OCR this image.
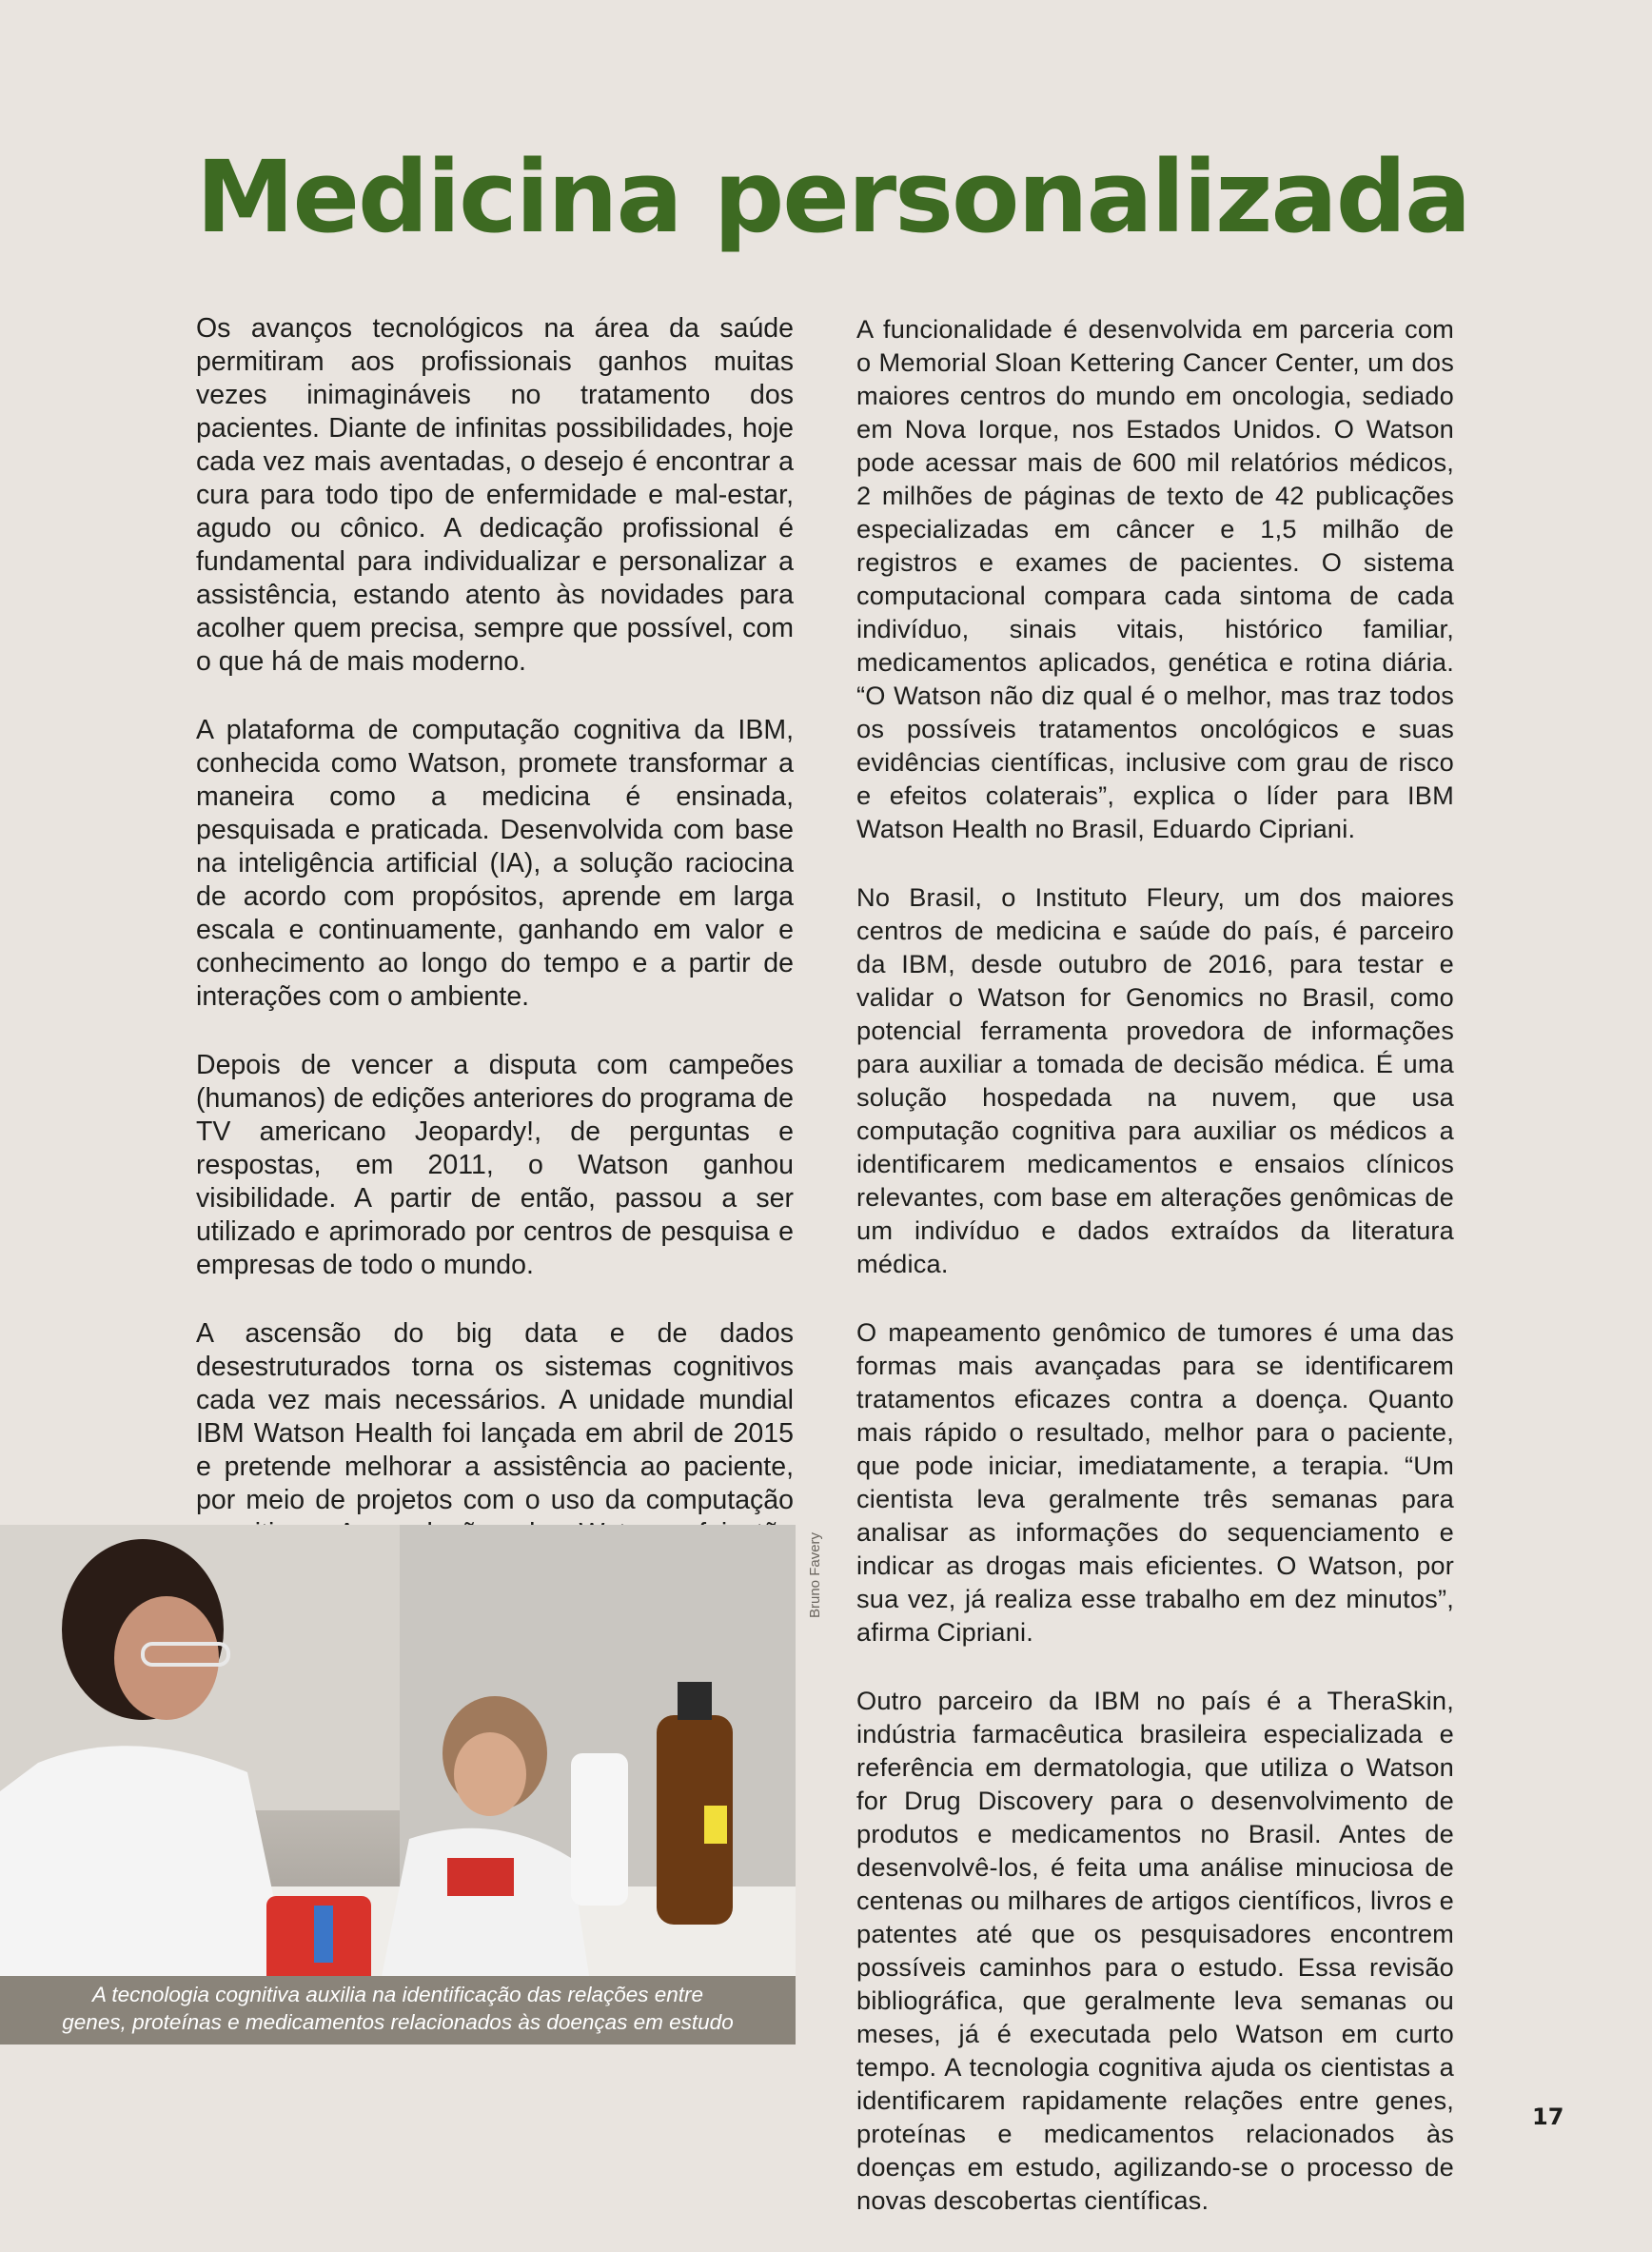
Medicina personalizada

Os avanços tecnológicos na área da saúde permitiram aos profissionais ganhos muitas vezes inimagináveis no tratamento dos pacientes. Diante de infinitas possibilidades, hoje cada vez mais aventadas, o desejo é encontrar a cura para todo tipo de enfermidade e mal-estar, agudo ou cônico. A dedicação profissional é fundamental para individualizar e personalizar a assistência, estando atento às novidades para acolher quem precisa, sempre que possível, com o que há de mais moderno.

A plataforma de computação cognitiva da IBM, conhecida como Watson, promete transformar a maneira como a medicina é ensinada, pesquisada e praticada. Desenvolvida com base na inteligência artificial (IA), a solução raciocina de acordo com propósitos, aprende em larga escala e continuamente, ganhando em valor e conhecimento ao longo do tempo e a partir de interações com o ambiente.

Depois de vencer a disputa com campeões (humanos) de edições anteriores do programa de TV americano Jeopardy!, de perguntas e respostas, em 2011, o Watson ganhou visibilidade. A partir de então, passou a ser utilizado e aprimorado por centros de pesquisa e empresas de todo o mundo.

A ascensão do big data e de dados desestruturados torna os sistemas cognitivos cada vez mais necessários. A unidade mundial IBM Watson Health foi lançada em abril de 2015 e pretende melhorar a assistência ao paciente, por meio de projetos com o uso da computação

A funcionalidade é desenvolvida em parceria com o Memorial Sloan Kettering Cancer Center, um dos maiores centros do mundo em oncologia, sediado em Nova Iorque, nos Estados Unidos. O Watson pode acessar mais de 600 mil relatórios médicos, 2 milhões de páginas de texto de 42 publicações especializadas em câncer e 1,5 milhão de registros e exames de pacientes. O sistema computacional compara cada sintoma de cada indivíduo, sinais vitais, histórico familiar, medicamentos aplicados, genética e rotina diária. “O Watson não diz qual é o melhor, mas traz todos os possíveis tratamentos oncológicos e suas evidências científicas, inclusive com grau de risco e efeitos colaterais”, explica o líder para IBM Watson Health no Brasil, Eduardo Cipriani.

No Brasil, o Instituto Fleury, um dos maiores centros de medicina e saúde do país, é parceiro da IBM, desde outubro de 2016, para testar e validar o Watson for Genomics no Brasil, como potencial ferramenta provedora de informações para auxiliar a tomada de decisão médica. É uma solução hospedada na nuvem, que usa computação cognitiva para auxiliar os médicos a identificarem medicamentos e ensaios clínicos relevantes, com base em alterações genômicas de um indivíduo e dados extraídos da literatura médica.

O mapeamento genômico de tumores é uma das formas mais avançadas para se identificarem tratamentos eficazes contra a doença. Quanto mais rápido o resultado, melhor para o paciente, que pode iniciar, imediatamente, a terapia. “Um cientista leva geralmente três semanas para analisar as informações do sequenciamento e indicar as drogas mais eficientes. O Watson, por sua vez, já realiza esse trabalho em dez minutos”, afirma Cipriani.

Outro parceiro da IBM no país é a TheraSkin, indústria farmacêutica brasileira especializada e referência em dermatologia, que utiliza o Watson for Drug Discovery para o desenvolvimento de produtos e medicamentos no Brasil. Antes de desenvolvê-los, é feita uma análise minuciosa de centenas ou milhares de artigos científicos, livros e patentes até que os pesquisadores encontrem possíveis caminhos para o estudo. Essa revisão bibliográfica, que geralmente leva semanas ou meses, já é executada pelo Watson em curto tempo. A tecnologia cognitiva ajuda os cientistas a identificarem rapidamente relações entre genes, proteínas e medicamentos relacionados às doenças em estudo, agilizando-se o processo de novas descobertas científicas.

A tecnologia cognitiva auxilia na identificação das relações entre
genes, proteínas e medicamentos relacionados às doenças em estudo
Bruno Favery
17
